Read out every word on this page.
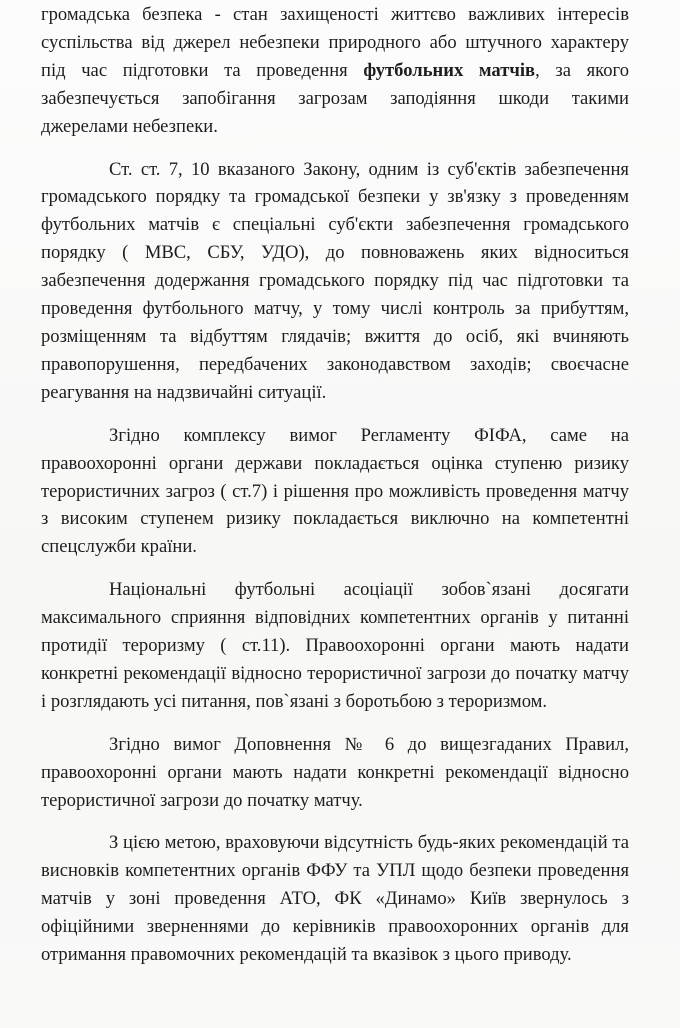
громадська безпека - стан захищеності життєво важливих інтересів суспільства від джерел небезпеки природного або штучного характеру під час підготовки та проведення футбольних матчів, за якого забезпечується запобігання загрозам заподіяння шкоди такими джерелами небезпеки.

Ст. ст. 7, 10 вказаного Закону, одним із суб'єктів забезпечення громадського порядку та громадської безпеки у зв'язку з проведенням футбольних матчів є спеціальні суб'єкти забезпечення громадського порядку ( МВС, СБУ, УДО), до повноважень яких відноситься забезпечення додержання громадського порядку під час підготовки та проведення футбольного матчу, у тому числі контроль за прибуттям, розміщенням та відбуттям глядачів; вжиття до осіб, які вчиняють правопорушення, передбачених законодавством заходів; своєчасне реагування на надзвичайні ситуації.

Згідно комплексу вимог Регламенту ФІФА, саме на правоохоронні органи держави покладається оцінка ступеню ризику терористичних загроз ( ст.7) і рішення про можливість проведення матчу з високим ступенем ризику покладається виключно на компетентні спецслужби країни.

Національні футбольні асоціації зобов`язані досягати максимального сприяння відповідних компетентних органів у питанні протидії тероризму ( ст.11). Правоохоронні органи мають надати конкретні рекомендації відносно терористичної загрози до початку матчу і розглядають усі питання, пов`язані з боротьбою з тероризмом.

Згідно вимог Доповнення № 6 до вищезгаданих Правил, правоохоронні органи мають надати конкретні рекомендації відносно терористичної загрози до початку матчу.

З цією метою, враховуючи відсутність будь-яких рекомендацій та висновків компетентних органів ФФУ та УПЛ щодо безпеки проведення матчів у зоні проведення АТО, ФК «Динамо» Київ звернулось з офіційними зверненнями до керівників правоохоронних органів для отримання правомочних рекомендацій та вказівок з цього приводу.
